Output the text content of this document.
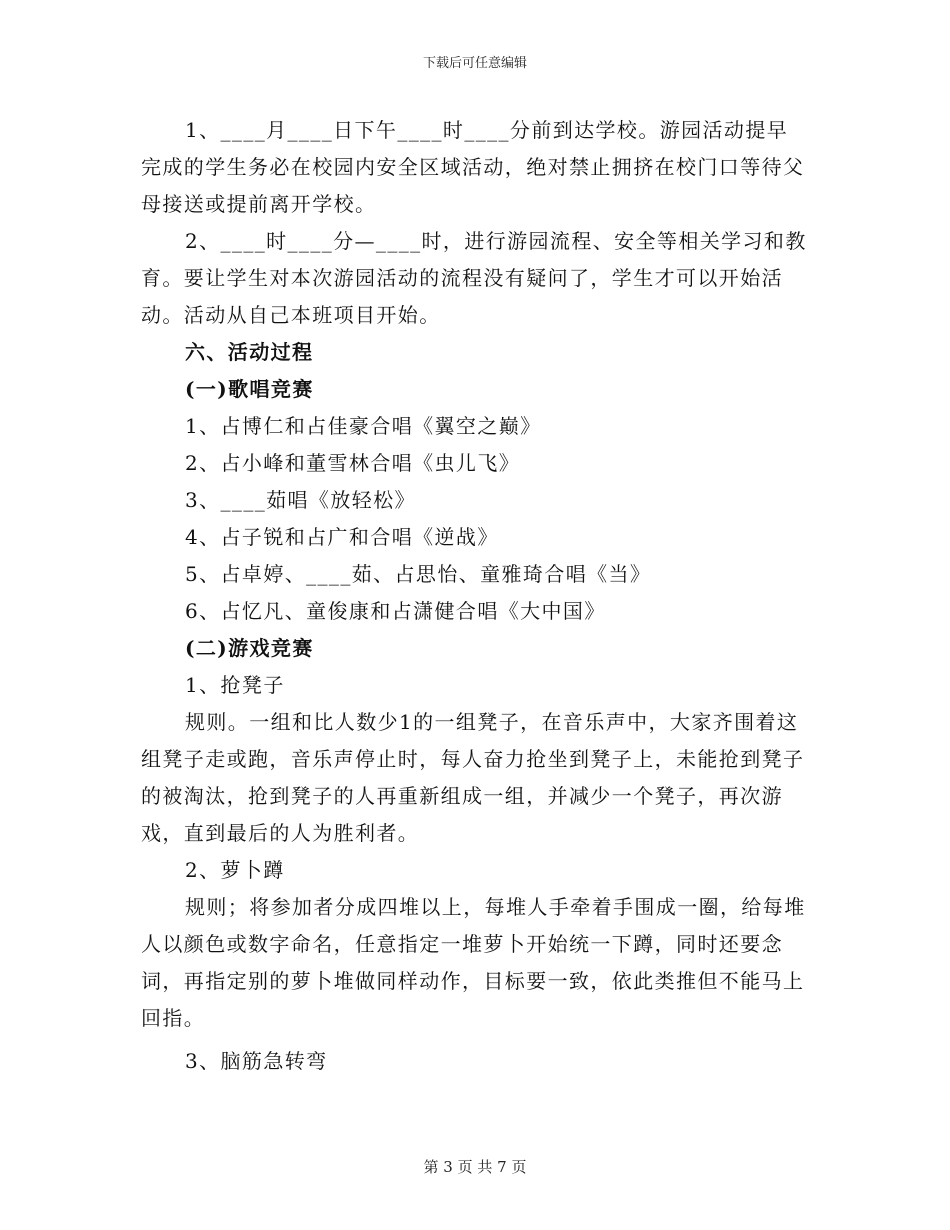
下载后可任意编辑

1、____月____日下午____时____分前到达学校。游园活动提早完成的学生务必在校园内安全区域活动，绝对禁止拥挤在校门口等待父母接送或提前离开学校。

2、____时____分—____时，进行游园流程、安全等相关学习和教育。要让学生对本次游园活动的流程没有疑问了，学生才可以开始活动。活动从自己本班项目开始。

六、活动过程

(一)歌唱竞赛

1、占博仁和占佳豪合唱《翼空之巅》

2、占小峰和董雪林合唱《虫儿飞》

3、____茹唱《放轻松》

4、占子锐和占广和合唱《逆战》

5、占卓婷、____茹、占思怡、童雅琦合唱《当》

6、占忆凡、童俊康和占潇健合唱《大中国》

(二)游戏竞赛

1、抢凳子

规则。一组和比人数少1的一组凳子，在音乐声中，大家齐围着这组凳子走或跑，音乐声停止时，每人奋力抢坐到凳子上，未能抢到凳子的被淘汰，抢到凳子的人再重新组成一组，并减少一个凳子，再次游戏，直到最后的人为胜利者。

2、萝卜蹲

规则；将参加者分成四堆以上，每堆人手牵着手围成一圈，给每堆人以颜色或数字命名，任意指定一堆萝卜开始统一下蹲，同时还要念词，再指定别的萝卜堆做同样动作，目标要一致，依此类推但不能马上回指。

3、脑筋急转弯

第 3 页 共 7 页
